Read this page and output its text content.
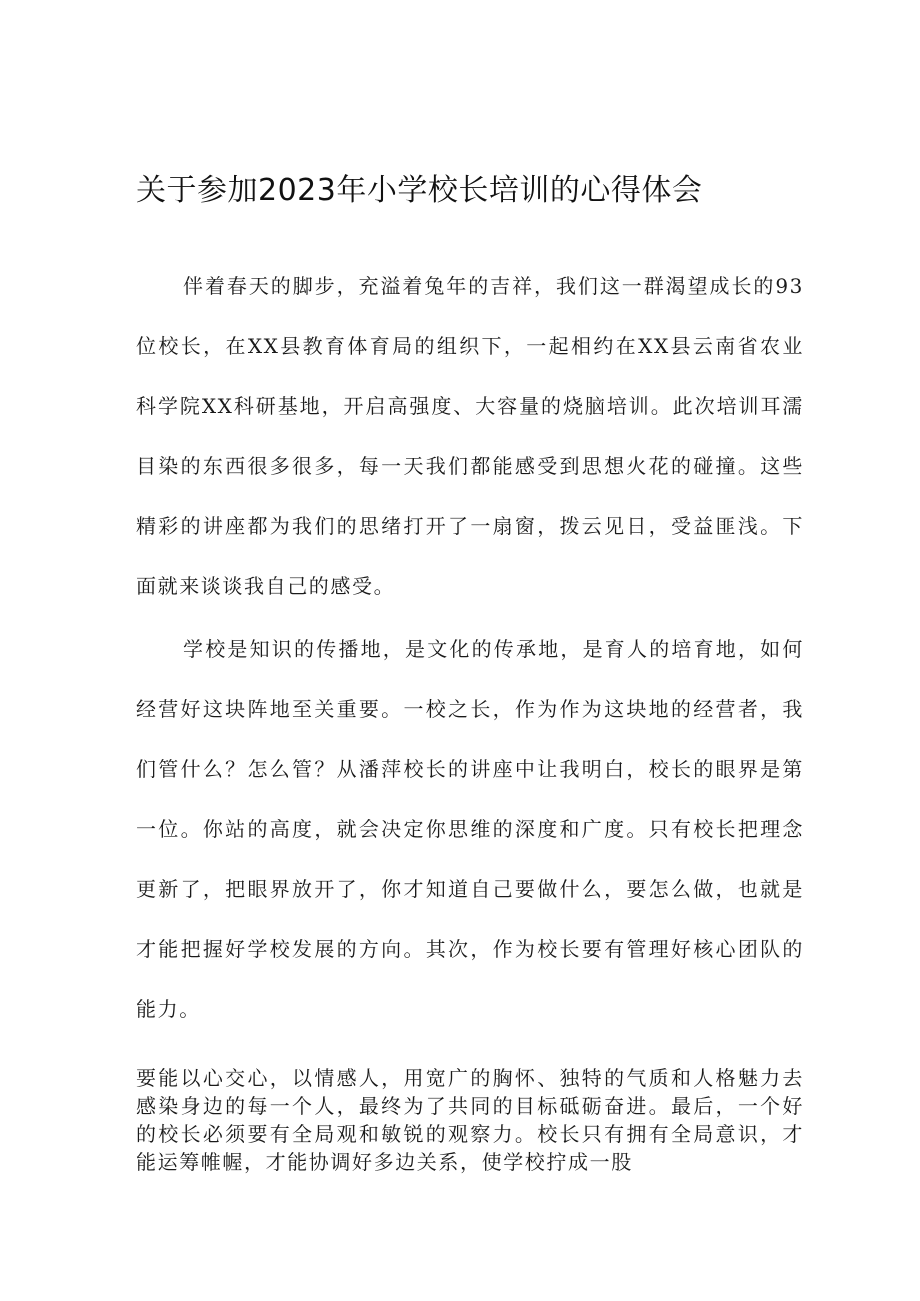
关于参加2023年小学校长培训的心得体会

伴着春天的脚步，充溢着兔年的吉祥，我们这一群渴望成长的93位校长，在XX县教育体育局的组织下，一起相约在XX县云南省农业科学院XX科研基地，开启高强度、大容量的烧脑培训。此次培训耳濡目染的东西很多很多，每一天我们都能感受到思想火花的碰撞。这些精彩的讲座都为我们的思绪打开了一扇窗，拨云见日，受益匪浅。下面就来谈谈我自己的感受。

学校是知识的传播地，是文化的传承地，是育人的培育地，如何经营好这块阵地至关重要。一校之长，作为作为这块地的经营者，我们管什么？怎么管？从潘萍校长的讲座中让我明白，校长的眼界是第一位。你站的高度，就会决定你思维的深度和广度。只有校长把理念更新了，把眼界放开了，你才知道自己要做什么，要怎么做，也就是才能把握好学校发展的方向。其次，作为校长要有管理好核心团队的能力。

要能以心交心，以情感人，用宽广的胸怀、独特的气质和人格魅力去感染身边的每一个人，最终为了共同的目标砥砺奋进。最后，一个好的校长必须要有全局观和敏锐的观察力。校长只有拥有全局意识，才能运筹帷幄，才能协调好多边关系，使学校拧成一股
